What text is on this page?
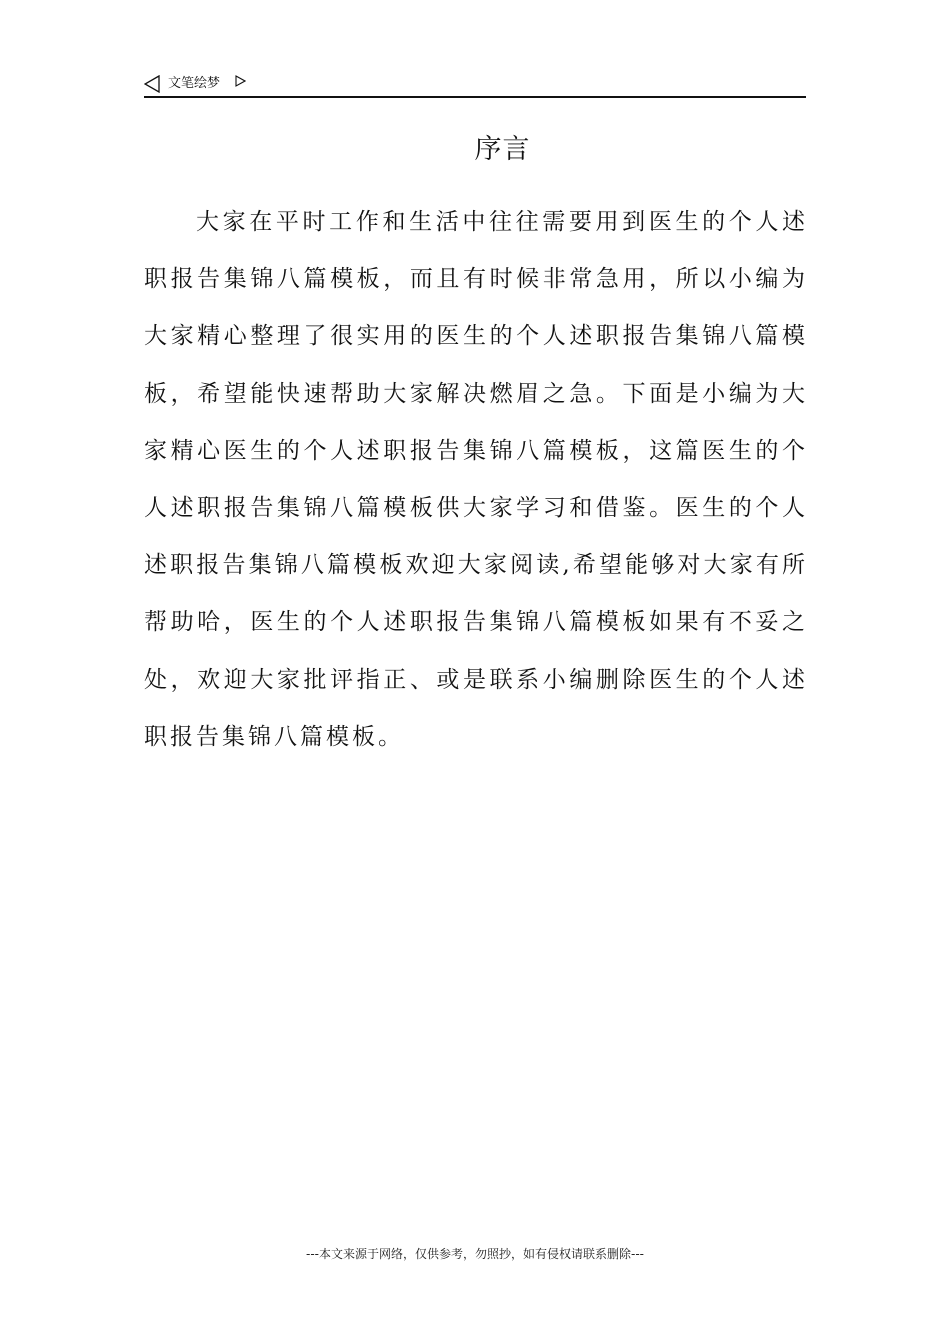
文笔绘梦
序言

大家在平时工作和生活中往往需要用到医生的个人述职报告集锦八篇模板，而且有时候非常急用，所以小编为大家精心整理了很实用的医生的个人述职报告集锦八篇模板，希望能快速帮助大家解决燃眉之急。下面是小编为大家精心医生的个人述职报告集锦八篇模板，这篇医生的个人述职报告集锦八篇模板供大家学习和借鉴。医生的个人述职报告集锦八篇模板欢迎大家阅读,希望能够对大家有所帮助哈，医生的个人述职报告集锦八篇模板如果有不妥之处，欢迎大家批评指正、或是联系小编删除医生的个人述职报告集锦八篇模板。

---本文来源于网络，仅供参考，勿照抄，如有侵权请联系删除---
